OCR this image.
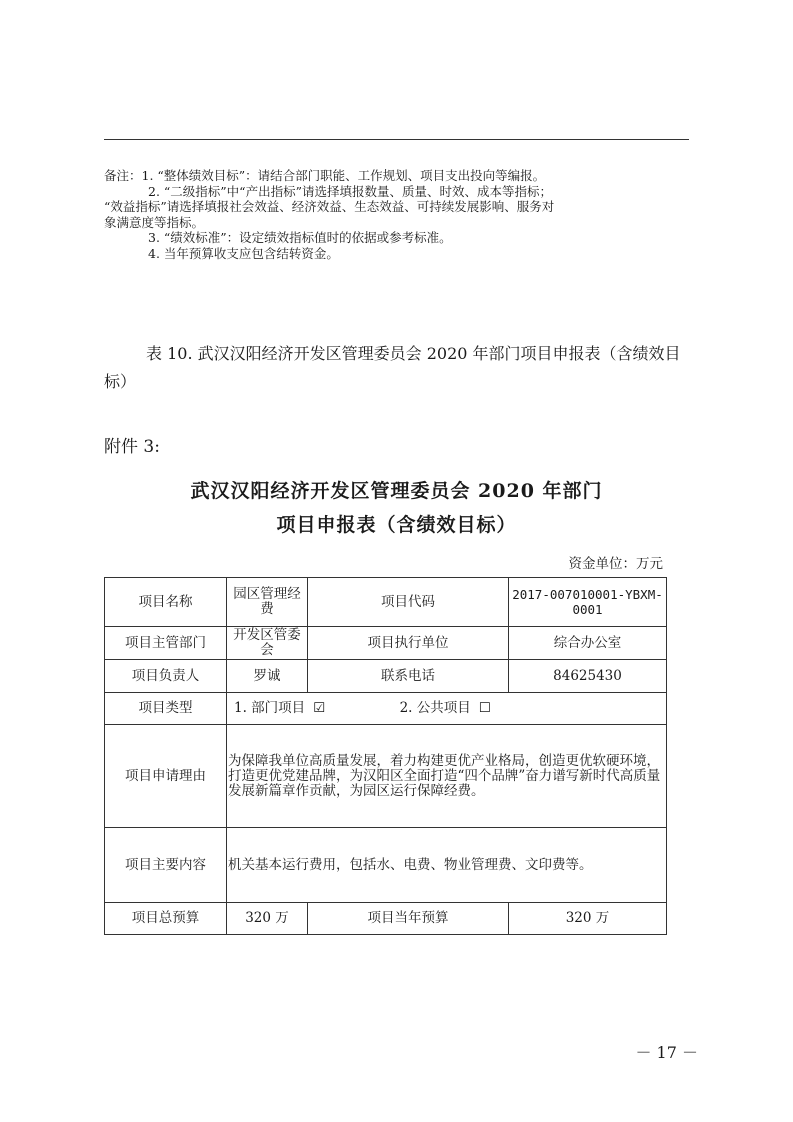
备注：1. “整体绩效目标”：请结合部门职能、工作规划、项目支出投向等编报。
2. “二级指标”中“产出指标”请选择填报数量、质量、时效、成本等指标；
“效益指标”请选择填报社会效益、经济效益、生态效益、可持续发展影响、服务对
象满意度等指标。
3. “绩效标准”：设定绩效指标值时的依据或参考标准。
4. 当年预算收支应包含结转资金。
表 10. 武汉汉阳经济开发区管理委员会 2020 年部门项目申报表（含绩效目标）
附件 3:
武汉汉阳经济开发区管理委员会 2020 年部门
项目申报表（含绩效目标）
资金单位：万元
项目名称	园区管理经费	项目代码	2017-007010001-YBXM-0001
项目主管部门	开发区管委会	项目执行单位	综合办公室
项目负责人	罗诚	联系电话	84625430
项目类型	1. 部门项目 ☑ 2. 公共项目 ☐		
项目申请理由	为保障我单位高质量发展，着力构建更优产业格局，创造更优软硬环境，打造更优党建品牌，为汉阳区全面打造“四个品牌”奋力谱写新时代高质量发展新篇章作贡献，为园区运行保障经费。		
项目主要内容	机关基本运行费用，包括水、电费、物业管理费、文印费等。		
项目总预算	320 万	项目当年预算	320 万
－ 17 －
